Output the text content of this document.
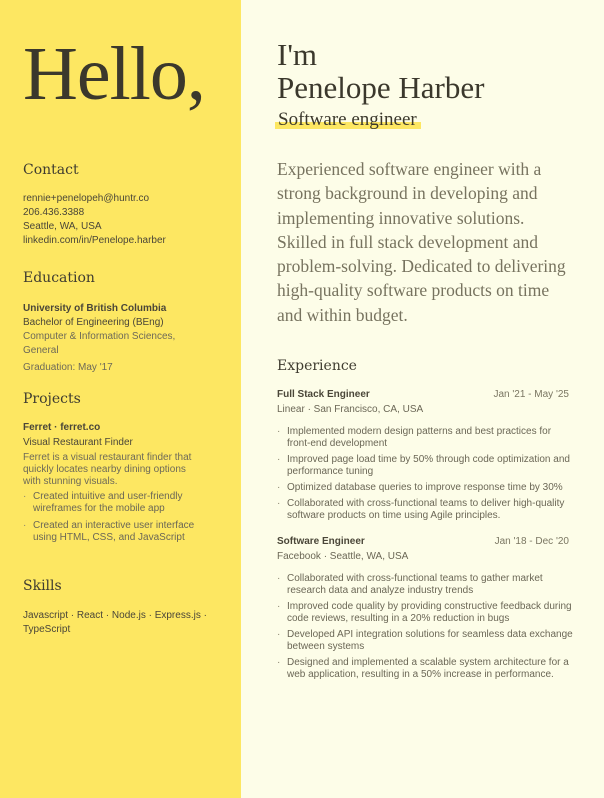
Hello,
Contact
rennie+penelopeh@huntr.co
206.436.3388
Seattle, WA, USA
linkedin.com/in/Penelope.harber
Education
University of British Columbia
Bachelor of Engineering (BEng)
Computer & Information Sciences,
General
Graduation: May '17
Projects
Ferret · ferret.co
Visual Restaurant Finder
Ferret is a visual restaurant finder that
quickly locates nearby dining options
with stunning visuals.
· Created intuitive and user-friendly wireframes for the mobile app
· Created an interactive user interface using HTML, CSS, and JavaScript
Skills
Javascript · React · Node.js · Express.js ·
TypeScript
I'm
Penelope Harber
Software engineer
Experienced software engineer with a strong background in developing and implementing innovative solutions. Skilled in full stack development and problem-solving. Dedicated to delivering high-quality software products on time and within budget.
Experience
Full Stack Engineer	Jan '21 - May '25
Linear · San Francisco, CA, USA
· Implemented modern design patterns and best practices for front-end development
· Improved page load time by 50% through code optimization and performance tuning
· Optimized database queries to improve response time by 30%
· Collaborated with cross-functional teams to deliver high-quality software products on time using Agile principles.
Software Engineer	Jan '18 - Dec '20
Facebook · Seattle, WA, USA
· Collaborated with cross-functional teams to gather market research data and analyze industry trends
· Improved code quality by providing constructive feedback during code reviews, resulting in a 20% reduction in bugs
· Developed API integration solutions for seamless data exchange between systems
· Designed and implemented a scalable system architecture for a web application, resulting in a 50% increase in performance.
